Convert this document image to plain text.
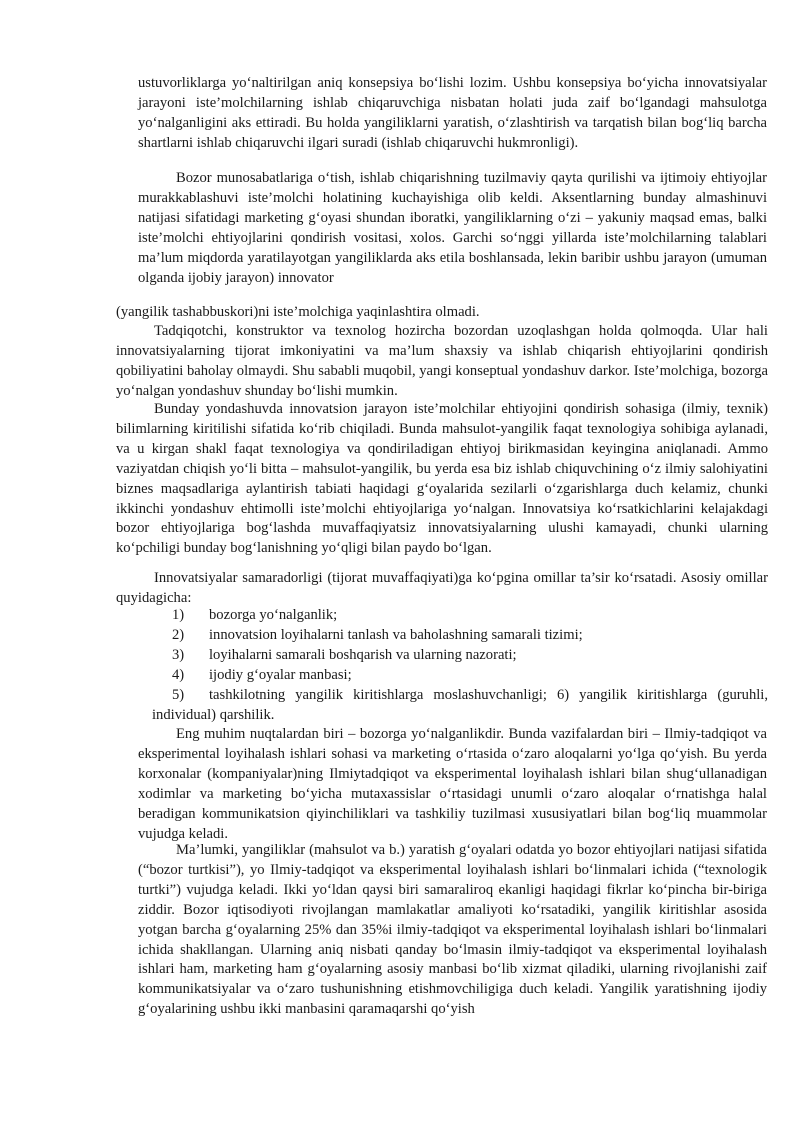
ustuvorliklarga yo‘naltirilgan aniq konsepsiya bo‘lishi lozim. Ushbu konsepsiya bo‘yicha innovatsiyalar jarayoni iste’molchilarning ishlab chiqaruvchiga nisbatan holati juda zaif bo‘lgandagi mahsulotga yo‘nalganligini aks ettiradi. Bu holda yangiliklarni yaratish, o‘zlashtirish va tarqatish bilan bog‘liq barcha shartlarni ishlab chiqaruvchi ilgari suradi (ishlab chiqaruvchi hukmronligi).

Bozor munosabatlariga o‘tish, ishlab chiqarishning tuzilmaviy qayta qurilishi va ijtimoiy ehtiyojlar murakkablashuvi iste’molchi holatining kuchayishiga olib keldi. Aksentlarning bunday almashinuvi natijasi sifatidagi marketing g‘oyasi shundan iboratki, yangiliklarning o‘zi – yakuniy maqsad emas, balki iste’molchi ehtiyojlarini qondirish vositasi, xolos. Garchi so‘nggi yillarda iste’molchilarning talablari ma’lum miqdorda yaratilayotgan yangiliklarda aks etila boshlansada, lekin baribir ushbu jarayon (umuman olganda ijobiy jarayon) innovator

(yangilik tashabbuskori)ni iste’molchiga yaqinlashtira olmadi.

Tadqiqotchi, konstruktor va texnolog hozircha bozordan uzoqlashgan holda qolmoqda. Ular hali innovatsiyalarning tijorat imkoniyatini va ma’lum shaxsiy va ishlab chiqarish ehtiyojlarini qondirish qobiliyatini baholay olmaydi. Shu sababli muqobil, yangi konseptual yondashuv darkor. Iste’molchiga, bozorga yo‘nalgan yondashuv shunday bo‘lishi mumkin.

Bunday yondashuvda innovatsion jarayon iste’molchilar ehtiyojini qondirish sohasiga (ilmiy, texnik) bilimlarning kiritilishi sifatida ko‘rib chiqiladi. Bunda mahsulot-yangilik faqat texnologiya sohibiga aylanadi, va u kirgan shakl faqat texnologiya va qondiriladigan ehtiyoj birikmasidan keyingina aniqlanadi. Ammo vaziyatdan chiqish yo‘li bitta – mahsulot-yangilik, bu yerda esa biz ishlab chiquvchining o‘z ilmiy salohiyatini biznes maqsadlariga aylantirish tabiati haqidagi g‘oyalarida sezilarli o‘zgarishlarga duch kelamiz, chunki ikkinchi yondashuv ehtimolli iste’molchi ehtiyojlariga yo‘nalgan. Innovatsiya ko‘rsatkichlarini kelajakdagi bozor ehtiyojlariga bog‘lashda muvaffaqiyatsiz innovatsiyalarning ulushi kamayadi, chunki ularning ko‘pchiligi bunday bog‘lanishning yo‘qligi bilan paydo bo‘lgan.

Innovatsiyalar samaradorligi (tijorat muvaffaqiyati)ga ko‘pgina omillar ta’sir ko‘rsatadi. Asosiy omillar quyidagicha:

1)	bozorga yo‘nalganlik;
2)	innovatsion loyihalarni tanlash va baholashning samarali tizimi;
3)	loyihalarni samarali boshqarish va ularning nazorati;
4)	ijodiy g‘oyalar manbasi;

5) tashkilotning yangilik kiritishlarga moslashuvchanligi; 6) yangilik kiritishlarga (guruhli, individual) qarshilik.

Eng muhim nuqtalardan biri – bozorga yo‘nalganlikdir. Bunda vazifalardan biri – Ilmiy-tadqiqot va eksperimental loyihalash ishlari sohasi va marketing o‘rtasida o‘zaro aloqalarni yo‘lga qo‘yish. Bu yerda korxonalar (kompaniyalar)ning Ilmiytadqiqot va eksperimental loyihalash ishlari bilan shug‘ullanadigan xodimlar va marketing bo‘yicha mutaxassislar o‘rtasidagi unumli o‘zaro aloqalar o‘rnatishga halal beradigan kommunikatsion qiyinchiliklari va tashkiliy tuzilmasi xususiyatlari bilan bog‘liq muammolar vujudga keladi.

Ma’lumki, yangiliklar (mahsulot va b.) yaratish g‘oyalari odatda yo bozor ehtiyojlari natijasi sifatida (“bozor turtkisi”), yo Ilmiy-tadqiqot va eksperimental loyihalash ishlari bo‘linmalari ichida (“texnologik turtki”) vujudga keladi. Ikki yo‘ldan qaysi biri samaraliroq ekanligi haqidagi fikrlar ko‘pincha bir-biriga ziddir. Bozor iqtisodiyoti rivojlangan mamlakatlar amaliyoti ko‘rsatadiki, yangilik kiritishlar asosida yotgan barcha g‘oyalarning 25% dan 35%i ilmiy-tadqiqot va eksperimental loyihalash ishlari bo‘linmalari ichida shakllangan. Ularning aniq nisbati qanday bo‘lmasin ilmiy-tadqiqot va eksperimental loyihalash ishlari ham, marketing ham g‘oyalarning asosiy manbasi bo‘lib xizmat qiladiki, ularning rivojlanishi zaif kommunikatsiyalar va o‘zaro tushunishning etishmovchiligiga duch keladi. Yangilik yaratishning ijodiy g‘oyalarining ushbu ikki manbasini qaramaqarshi qo‘yish
